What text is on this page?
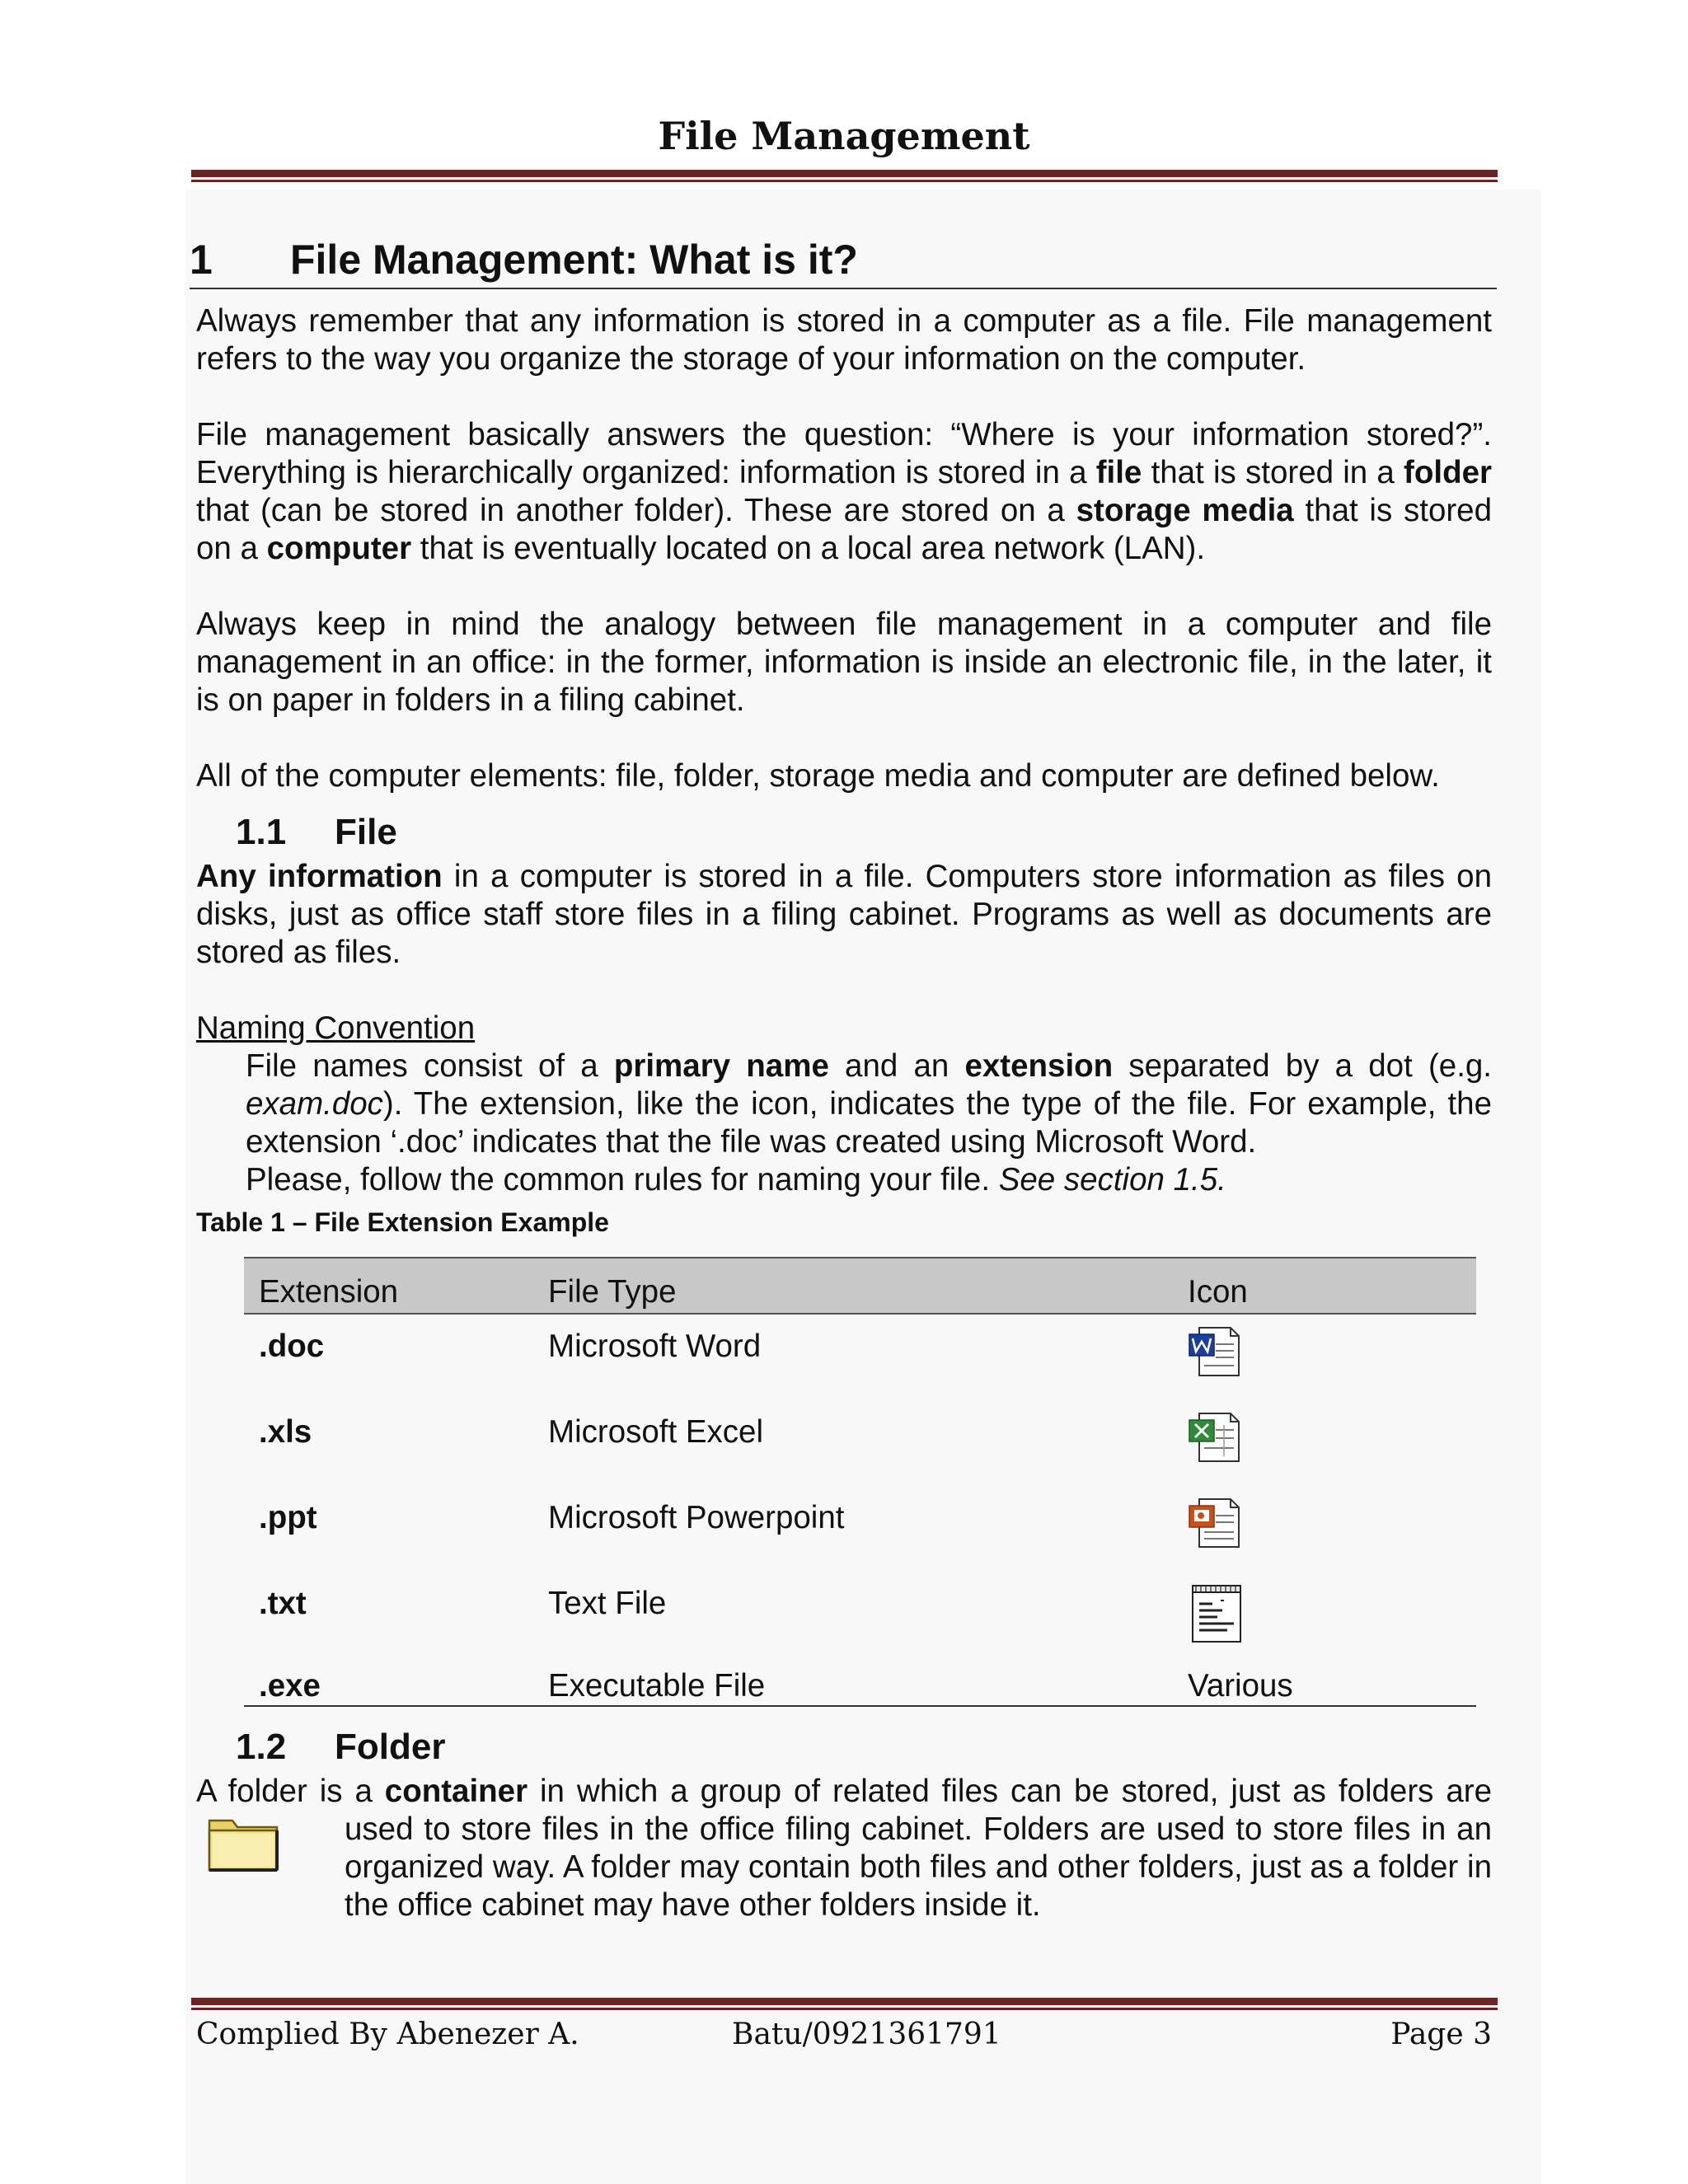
File Management
1 File Management: What is it?

Always remember that any information is stored in a computer as a file. File management refers to the way you organize the storage of your information on the computer.

File management basically answers the question: “Where is your information stored?”. Everything is hierarchically organized: information is stored in a file that is stored in a folder that (can be stored in another folder). These are stored on a storage media that is stored on a computer that is eventually located on a local area network (LAN).

Always keep in mind the analogy between file management in a computer and file management in an office: in the former, information is inside an electronic file, in the later, it is on paper in folders in a filing cabinet.

All of the computer elements: file, folder, storage media and computer are defined below.

1.1 File

Any information in a computer is stored in a file. Computers store information as files on disks, just as office staff store files in a filing cabinet. Programs as well as documents are stored as files.

Naming Convention

File names consist of a primary name and an extension separated by a dot (e.g. exam.doc). The extension, like the icon, indicates the type of the file. For example, the extension ‘.doc’ indicates that the file was created using Microsoft Word.

Please, follow the common rules for naming your file. See section 1.5.

Table 1 – File Extension Example

Extension	File Type	Icon
.doc	Microsoft Word	

.xls	Microsoft Excel	

.ppt	Microsoft Powerpoint	

.txt	Text File	

.exe	Executable File	Various
1.2 Folder

A folder is a container in which a group of related files can be stored, just as folders are used to store files in the office filing cabinet. Folders are used to store files in an organized way. A folder may contain both files and other folders, just as a folder in the office cabinet may have other folders inside it.

Complied By Abenezer A.	Batu/0921361791	Page 3
